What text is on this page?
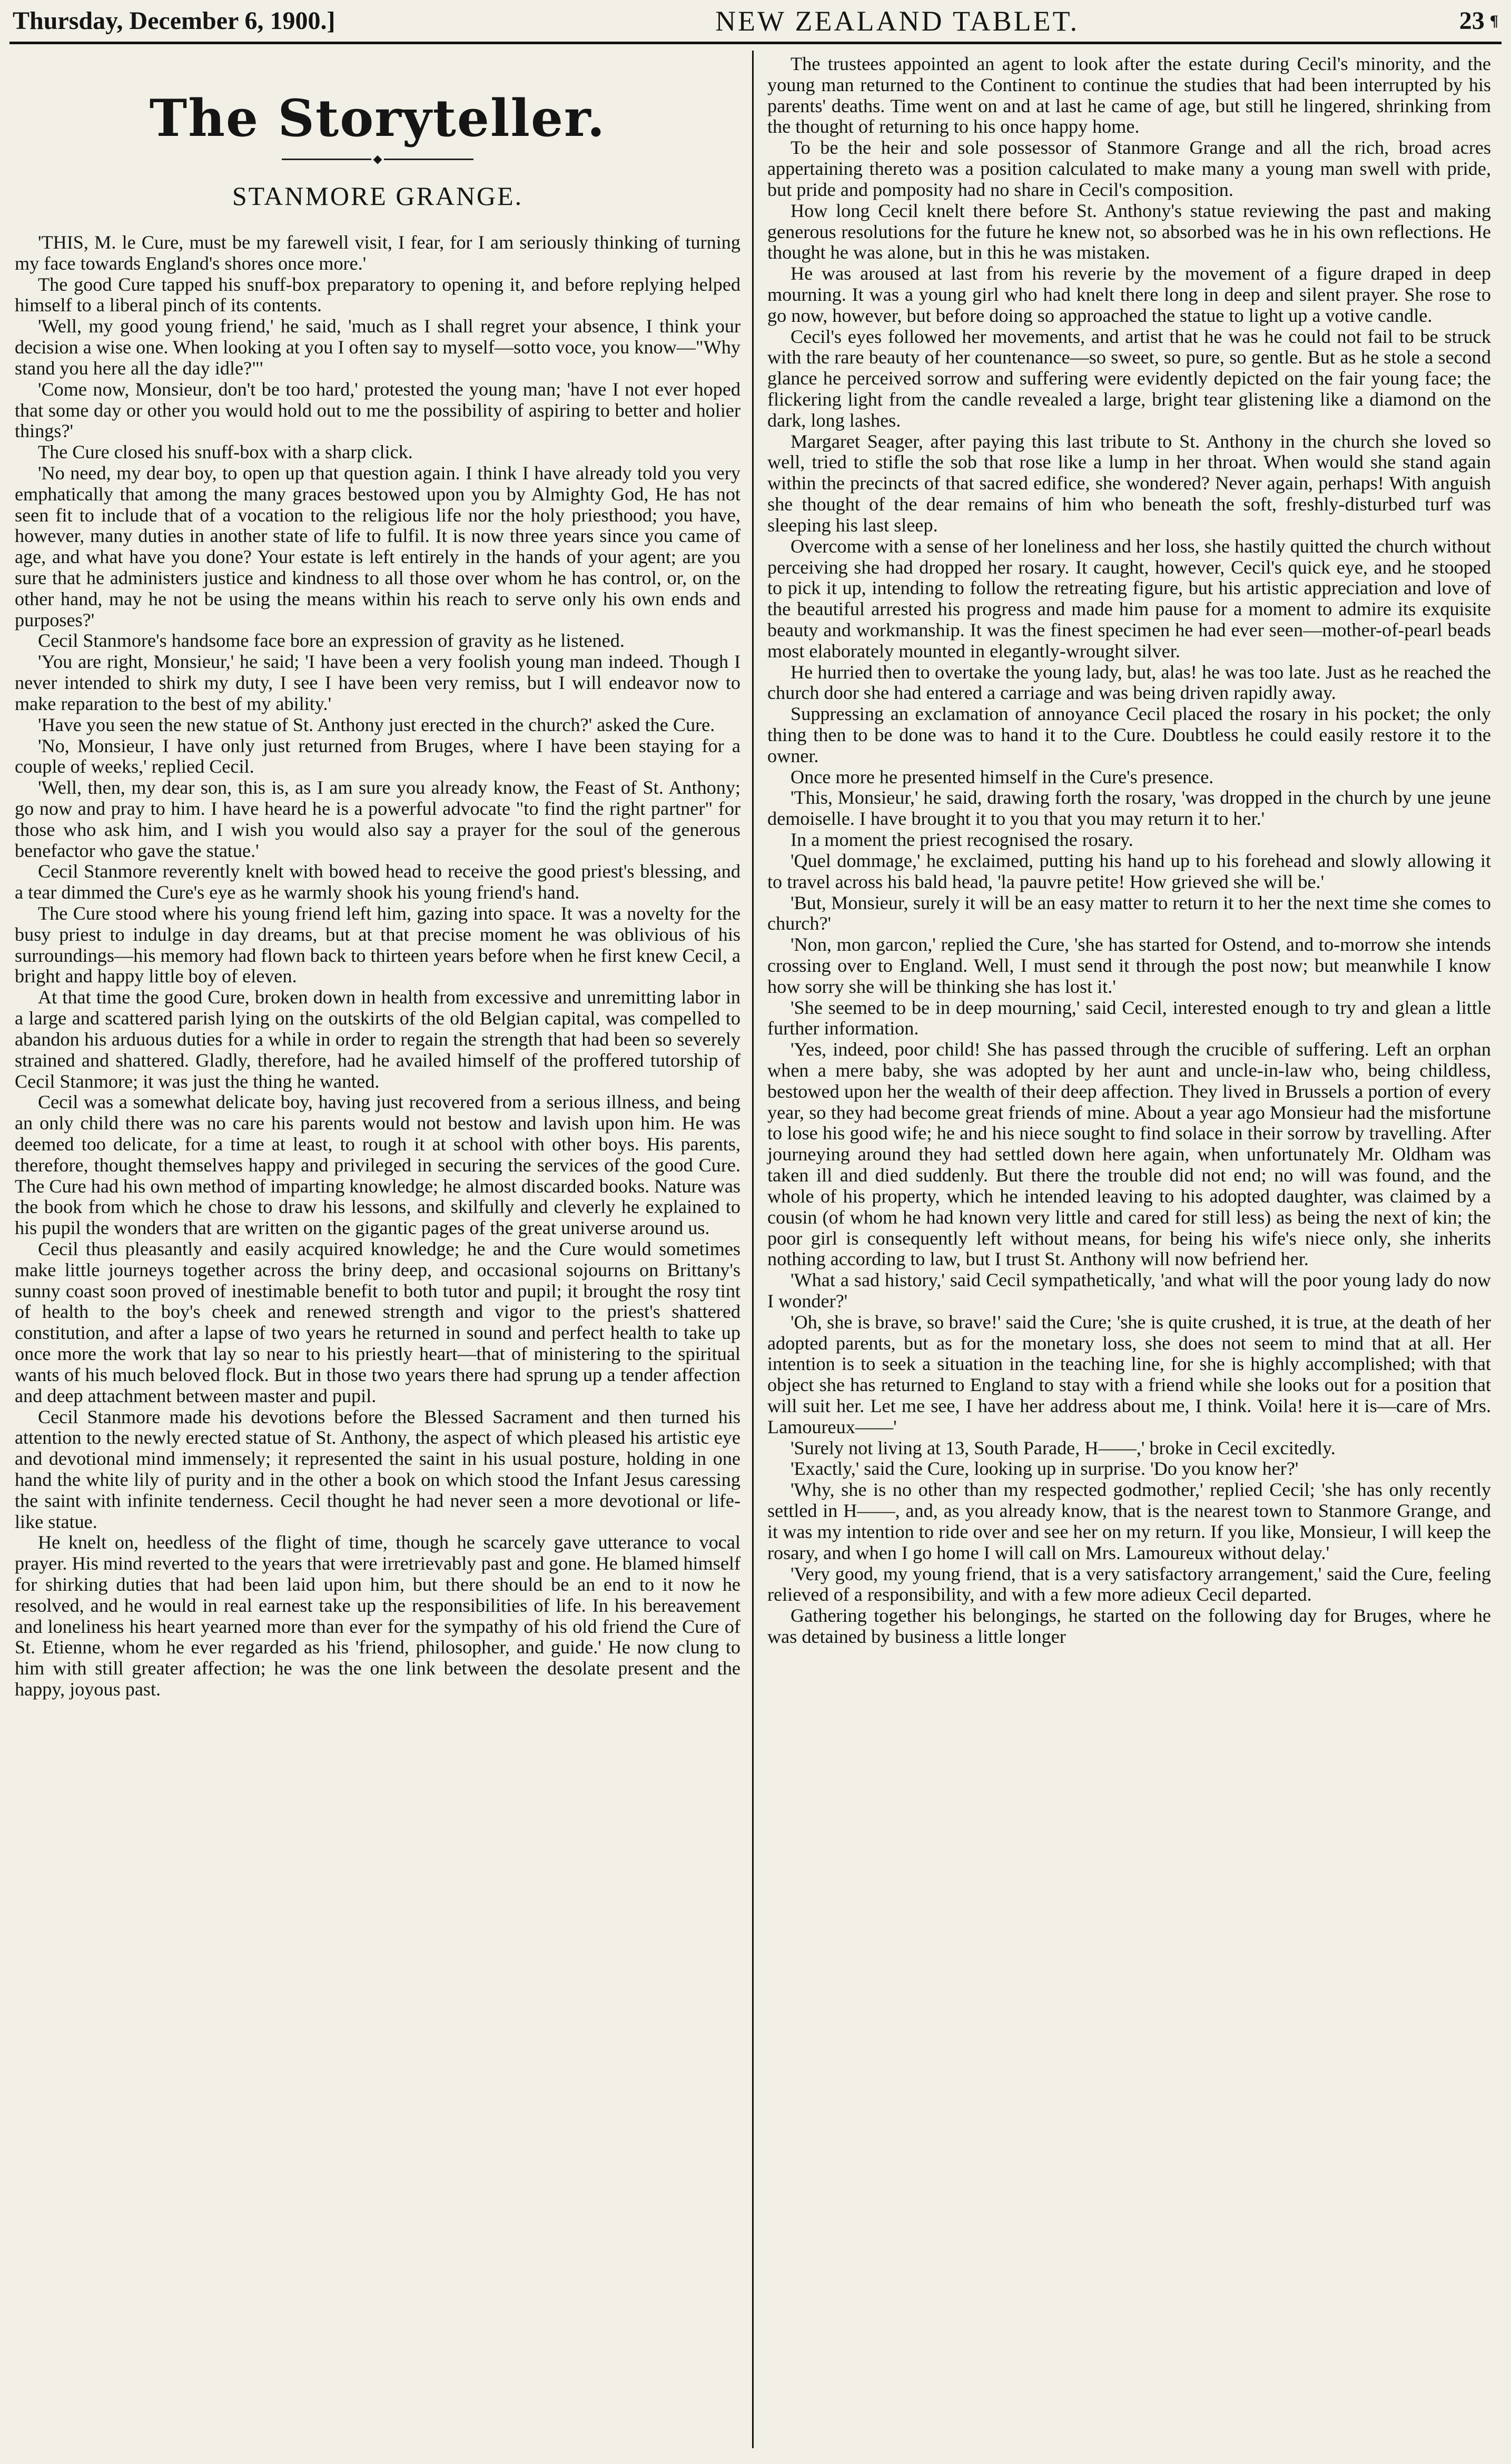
Thursday, December 6, 1900.]	NEW ZEALAND TABLET.	23 ¶
The Storyteller.
◆
STANMORE GRANGE.

'THIS, M. le Cure, must be my farewell visit, I fear, for I am seriously thinking of turning my face towards England's shores once more.'

The good Cure tapped his snuff-box preparatory to opening it, and before replying helped himself to a liberal pinch of its contents.

'Well, my good young friend,' he said, 'much as I shall regret your absence, I think your decision a wise one. When looking at you I often say to myself—sotto voce, you know—"Why stand you here all the day idle?"'

'Come now, Monsieur, don't be too hard,' protested the young man; 'have I not ever hoped that some day or other you would hold out to me the possibility of aspiring to better and holier things?'

The Cure closed his snuff-box with a sharp click.

'No need, my dear boy, to open up that question again. I think I have already told you very emphatically that among the many graces bestowed upon you by Almighty God, He has not seen fit to include that of a vocation to the religious life nor the holy priesthood; you have, however, many duties in another state of life to fulfil. It is now three years since you came of age, and what have you done? Your estate is left entirely in the hands of your agent; are you sure that he administers justice and kindness to all those over whom he has control, or, on the other hand, may he not be using the means within his reach to serve only his own ends and purposes?'

Cecil Stanmore's handsome face bore an expression of gravity as he listened.

'You are right, Monsieur,' he said; 'I have been a very foolish young man indeed. Though I never intended to shirk my duty, I see I have been very remiss, but I will endeavor now to make reparation to the best of my ability.'

'Have you seen the new statue of St. Anthony just erected in the church?' asked the Cure.

'No, Monsieur, I have only just returned from Bruges, where I have been staying for a couple of weeks,' replied Cecil.

'Well, then, my dear son, this is, as I am sure you already know, the Feast of St. Anthony; go now and pray to him. I have heard he is a powerful advocate "to find the right partner" for those who ask him, and I wish you would also say a prayer for the soul of the generous benefactor who gave the statue.'

Cecil Stanmore reverently knelt with bowed head to receive the good priest's blessing, and a tear dimmed the Cure's eye as he warmly shook his young friend's hand.

The Cure stood where his young friend left him, gazing into space. It was a novelty for the busy priest to indulge in day dreams, but at that precise moment he was oblivious of his surroundings—his memory had flown back to thirteen years before when he first knew Cecil, a bright and happy little boy of eleven.

At that time the good Cure, broken down in health from excessive and unremitting labor in a large and scattered parish lying on the outskirts of the old Belgian capital, was compelled to abandon his arduous duties for a while in order to regain the strength that had been so severely strained and shattered. Gladly, therefore, had he availed himself of the proffered tutorship of Cecil Stanmore; it was just the thing he wanted.

Cecil was a somewhat delicate boy, having just recovered from a serious illness, and being an only child there was no care his parents would not bestow and lavish upon him. He was deemed too delicate, for a time at least, to rough it at school with other boys. His parents, therefore, thought themselves happy and privileged in securing the services of the good Cure. The Cure had his own method of imparting knowledge; he almost discarded books. Nature was the book from which he chose to draw his lessons, and skilfully and cleverly he explained to his pupil the wonders that are written on the gigantic pages of the great universe around us.

Cecil thus pleasantly and easily acquired knowledge; he and the Cure would sometimes make little journeys together across the briny deep, and occasional sojourns on Brittany's sunny coast soon proved of inestimable benefit to both tutor and pupil; it brought the rosy tint of health to the boy's cheek and renewed strength and vigor to the priest's shattered constitution, and after a lapse of two years he returned in sound and perfect health to take up once more the work that lay so near to his priestly heart—that of ministering to the spiritual wants of his much beloved flock. But in those two years there had sprung up a tender affection and deep attachment between master and pupil.

Cecil Stanmore made his devotions before the Blessed Sacrament and then turned his attention to the newly erected statue of St. Anthony, the aspect of which pleased his artistic eye and devotional mind immensely; it represented the saint in his usual posture, holding in one hand the white lily of purity and in the other a book on which stood the Infant Jesus caressing the saint with infinite tenderness. Cecil thought he had never seen a more devotional or life-like statue.

He knelt on, heedless of the flight of time, though he scarcely gave utterance to vocal prayer. His mind reverted to the years that were irretrievably past and gone. He blamed himself for shirking duties that had been laid upon him, but there should be an end to it now he resolved, and he would in real earnest take up the responsibilities of life. In his bereavement and loneliness his heart yearned more than ever for the sympathy of his old friend the Cure of St. Etienne, whom he ever regarded as his 'friend, philosopher, and guide.' He now clung to him with still greater affection; he was the one link between the desolate present and the happy, joyous past.

The trustees appointed an agent to look after the estate during Cecil's minority, and the young man returned to the Continent to continue the studies that had been interrupted by his parents' deaths. Time went on and at last he came of age, but still he lingered, shrinking from the thought of returning to his once happy home.

To be the heir and sole possessor of Stanmore Grange and all the rich, broad acres appertaining thereto was a position calculated to make many a young man swell with pride, but pride and pomposity had no share in Cecil's composition.

How long Cecil knelt there before St. Anthony's statue reviewing the past and making generous resolutions for the future he knew not, so absorbed was he in his own reflections. He thought he was alone, but in this he was mistaken.

He was aroused at last from his reverie by the movement of a figure draped in deep mourning. It was a young girl who had knelt there long in deep and silent prayer. She rose to go now, however, but before doing so approached the statue to light up a votive candle.

Cecil's eyes followed her movements, and artist that he was he could not fail to be struck with the rare beauty of her countenance—so sweet, so pure, so gentle. But as he stole a second glance he perceived sorrow and suffering were evidently depicted on the fair young face; the flickering light from the candle revealed a large, bright tear glistening like a diamond on the dark, long lashes.

Margaret Seager, after paying this last tribute to St. Anthony in the church she loved so well, tried to stifle the sob that rose like a lump in her throat. When would she stand again within the precincts of that sacred edifice, she wondered? Never again, perhaps! With anguish she thought of the dear remains of him who beneath the soft, freshly-disturbed turf was sleeping his last sleep.

Overcome with a sense of her loneliness and her loss, she hastily quitted the church without perceiving she had dropped her rosary. It caught, however, Cecil's quick eye, and he stooped to pick it up, intending to follow the retreating figure, but his artistic appreciation and love of the beautiful arrested his progress and made him pause for a moment to admire its exquisite beauty and workmanship. It was the finest specimen he had ever seen—mother-of-pearl beads most elaborately mounted in elegantly-wrought silver.

He hurried then to overtake the young lady, but, alas! he was too late. Just as he reached the church door she had entered a carriage and was being driven rapidly away.

Suppressing an exclamation of annoyance Cecil placed the rosary in his pocket; the only thing then to be done was to hand it to the Cure. Doubtless he could easily restore it to the owner.

Once more he presented himself in the Cure's presence.

'This, Monsieur,' he said, drawing forth the rosary, 'was dropped in the church by une jeune demoiselle. I have brought it to you that you may return it to her.'

In a moment the priest recognised the rosary.

'Quel dommage,' he exclaimed, putting his hand up to his forehead and slowly allowing it to travel across his bald head, 'la pauvre petite! How grieved she will be.'

'But, Monsieur, surely it will be an easy matter to return it to her the next time she comes to church?'

'Non, mon garcon,' replied the Cure, 'she has started for Ostend, and to-morrow she intends crossing over to England. Well, I must send it through the post now; but meanwhile I know how sorry she will be thinking she has lost it.'

'She seemed to be in deep mourning,' said Cecil, interested enough to try and glean a little further information.

'Yes, indeed, poor child! She has passed through the crucible of suffering. Left an orphan when a mere baby, she was adopted by her aunt and uncle-in-law who, being childless, bestowed upon her the wealth of their deep affection. They lived in Brussels a portion of every year, so they had become great friends of mine. About a year ago Monsieur had the misfortune to lose his good wife; he and his niece sought to find solace in their sorrow by travelling. After journeying around they had settled down here again, when unfortunately Mr. Oldham was taken ill and died suddenly. But there the trouble did not end; no will was found, and the whole of his property, which he intended leaving to his adopted daughter, was claimed by a cousin (of whom he had known very little and cared for still less) as being the next of kin; the poor girl is consequently left without means, for being his wife's niece only, she inherits nothing according to law, but I trust St. Anthony will now befriend her.

'What a sad history,' said Cecil sympathetically, 'and what will the poor young lady do now I wonder?'

'Oh, she is brave, so brave!' said the Cure; 'she is quite crushed, it is true, at the death of her adopted parents, but as for the monetary loss, she does not seem to mind that at all. Her intention is to seek a situation in the teaching line, for she is highly accomplished; with that object she has returned to England to stay with a friend while she looks out for a position that will suit her. Let me see, I have her address about me, I think. Voila! here it is—care of Mrs. Lamoureux——'

'Surely not living at 13, South Parade, H——,' broke in Cecil excitedly.

'Exactly,' said the Cure, looking up in surprise. 'Do you know her?'

'Why, she is no other than my respected godmother,' replied Cecil; 'she has only recently settled in H——, and, as you already know, that is the nearest town to Stanmore Grange, and it was my intention to ride over and see her on my return. If you like, Monsieur, I will keep the rosary, and when I go home I will call on Mrs. Lamoureux without delay.'

'Very good, my young friend, that is a very satisfactory arrangement,' said the Cure, feeling relieved of a responsibility, and with a few more adieux Cecil departed.

Gathering together his belongings, he started on the following day for Bruges, where he was detained by business a little longer
